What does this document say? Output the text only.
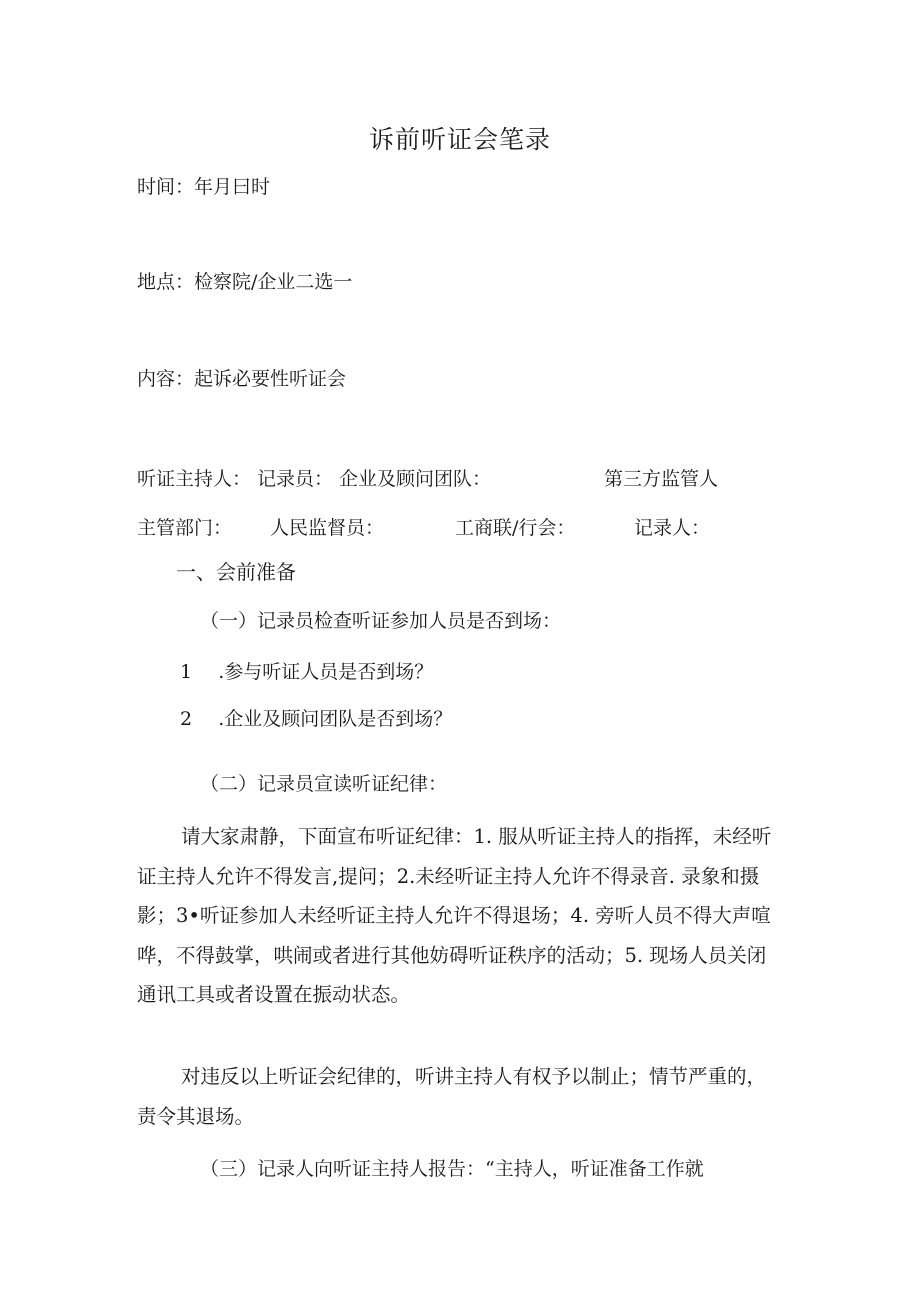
诉前听证会笔录
时间：年月曰时
地点：检察院/企业二选一
内容：起诉必要性听证会
听证主持人： 记录员： 企业及顾问团队：	第三方监管人
主管部门： 人民监督员：	工商联/行会：	记录人：
一、会前准备
（一）记录员检查听证参加人员是否到场：
1 .参与听证人员是否到场？
2 .企业及顾问团队是否到场？
（二）记录员宣读听证纪律：
请大家肃静，下面宣布听证纪律：1. 服从听证主持人的指挥，未经听
证主持人允许不得发言,提问；2.未经听证主持人允许不得录音. 录象和摄
影；3•听证参加人未经听证主持人允许不得退场；4. 旁听人员不得大声喧
哗，不得鼓掌，哄闹或者进行其他妨碍听证秩序的活动；5. 现场人员关闭
通讯工具或者设置在振动状态。
对违反以上听证会纪律的，听讲主持人有权予以制止；情节严重的，
责令其退场。
（三）记录人向听证主持人报告：“主持人，听证准备工作就
